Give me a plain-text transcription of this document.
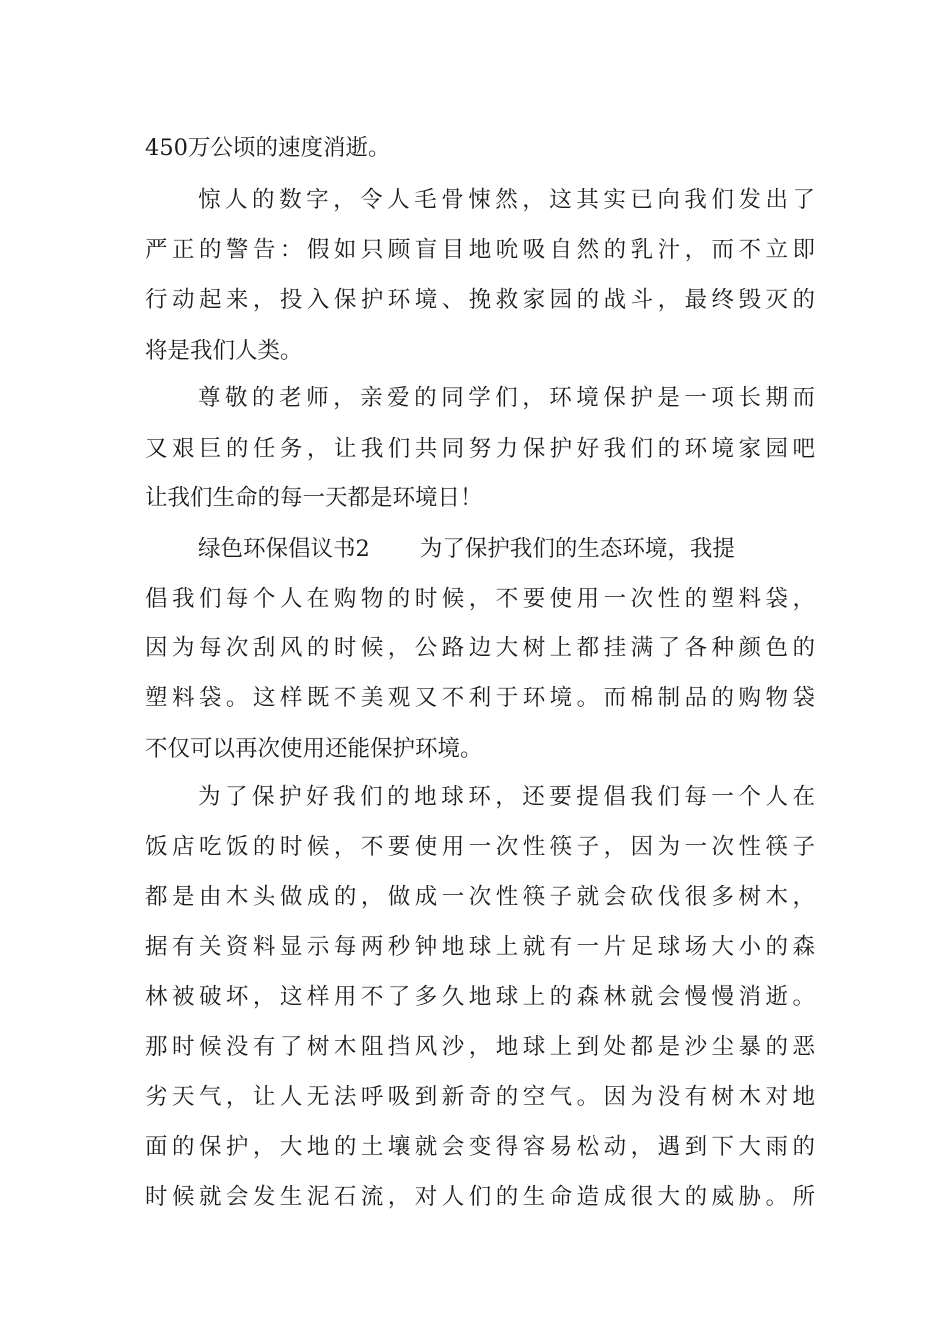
450万公顷的速度消逝。
惊人的数字，令人毛骨悚然，这其实已向我们发出了
严正的警告：假如只顾盲目地吮吸自然的乳汁，而不立即
行动起来，投入保护环境、挽救家园的战斗，最终毁灭的
将是我们人类。
尊敬的老师，亲爱的同学们，环境保护是一项长期而
又艰巨的任务，让我们共同努力保护好我们的环境家园吧
让我们生命的每一天都是环境日！
绿色环保倡议书2 为了保护我们的生态环境，我提
倡我们每个人在购物的时候，不要使用一次性的塑料袋，
因为每次刮风的时候，公路边大树上都挂满了各种颜色的
塑料袋。这样既不美观又不利于环境。而棉制品的购物袋
不仅可以再次使用还能保护环境。
为了保护好我们的地球环，还要提倡我们每一个人在
饭店吃饭的时候，不要使用一次性筷子，因为一次性筷子
都是由木头做成的，做成一次性筷子就会砍伐很多树木，
据有关资料显示每两秒钟地球上就有一片足球场大小的森
林被破坏，这样用不了多久地球上的森林就会慢慢消逝。
那时候没有了树木阻挡风沙，地球上到处都是沙尘暴的恶
劣天气，让人无法呼吸到新奇的空气。因为没有树木对地
面的保护，大地的土壤就会变得容易松动，遇到下大雨的
时候就会发生泥石流，对人们的生命造成很大的威胁。所
